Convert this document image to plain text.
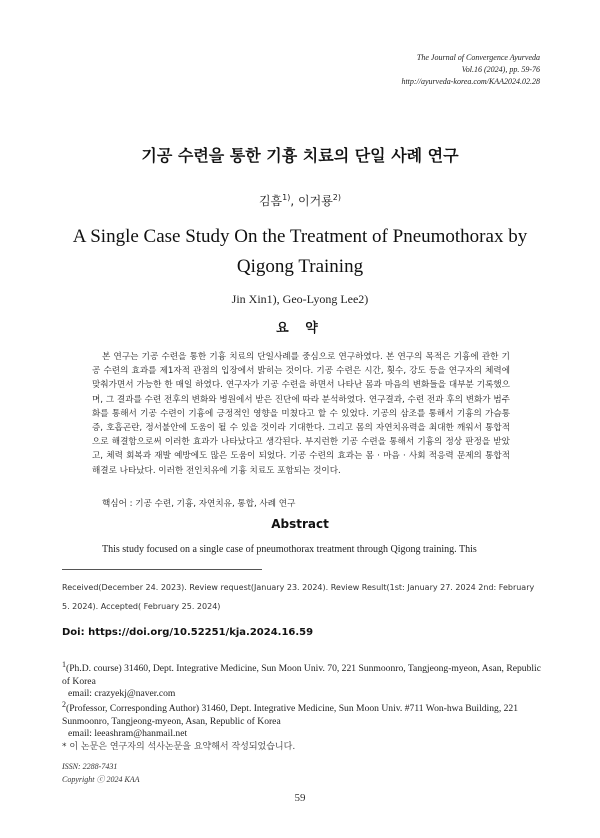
The Journal of Convergence Ayurveda
Vol.16 (2024), pp. 59-76
http://ayurveda-korea.com/KAA2024.02.28
기공 수련을 통한 기흉 치료의 단일 사례 연구
김흠$^{1)}$, 이거룡$^{2)}$
A Single Case Study On the Treatment of Pneumothorax by Qigong Training
Jin Xin1), Geo-Lyong Lee2)
요 약

본 연구는 기공 수련을 통한 기흉 치료의 단일사례를 중심으로 연구하였다. 본 연구의 목적은 기흉에 관한 기공 수련의 효과를 제1자적 관점의 입장에서 밝히는 것이다. 기공 수련은 시간, 횟수, 강도 등을 연구자의 체력에 맞춰가면서 가능한 한 매일 하였다. 연구자가 기공 수련을 하면서 나타난 몸과 마음의 변화들을 대부분 기록했으며, 그 결과를 수련 전후의 변화와 병원에서 받은 진단에 따라 분석하였다. 연구결과, 수련 전과 후의 변화가 범주화를 통해서 기공 수련이 기흉에 긍정적인 영향을 미쳤다고 할 수 있었다. 기공의 삼조를 통해서 기흉의 가슴통증, 호흡곤란, 정서불안에 도움이 될 수 있을 것이라 기대한다. 그리고 몸의 자연치유력을 최대한 깨워서 통합적으로 해결함으로써 이러한 효과가 나타났다고 생각된다. 부지런한 기공 수련을 통해서 기흉의 정상 판정을 받았고, 체력 회복과 재발 예방에도 많은 도움이 되었다. 기공 수련의 효과는 몸 · 마음 · 사회 적응력 문제의 통합적 해결로 나타났다. 이러한 전인치유에 기흉 치료도 포함되는 것이다.

핵심어 : 기공 수련, 기흉, 자연치유, 통합, 사례 연구
Abstract

This study focused on a single case of pneumothorax treatment through Qigong training. This

Received(December 24. 2023). Review request(January 23. 2024). Review Result(1st: January 27. 2024 2nd: February 5. 2024). Accepted( February 25. 2024)
Doi: https://doi.org/10.52251/kja.2024.16.59
$^1$(Ph.D. course) 31460, Dept. Integrative Medicine, Sun Moon Univ. 70, 221 Sunmoonro, Tangjeong-myeon, Asan, Republic of Korea
email: crazyekj@naver.com
$^2$(Professor, Corresponding Author) 31460, Dept. Integrative Medicine, Sun Moon Univ. #711 Won-hwa Building, 221 Sunmoonro, Tangjeong-myeon, Asan, Republic of Korea
email: leeashram@hanmail.net
* 이 논문은 연구자의 석사논문을 요약해서 작성되었습니다.
ISSN: 2288-7431
Copyright ⓒ 2024 KAA
59
